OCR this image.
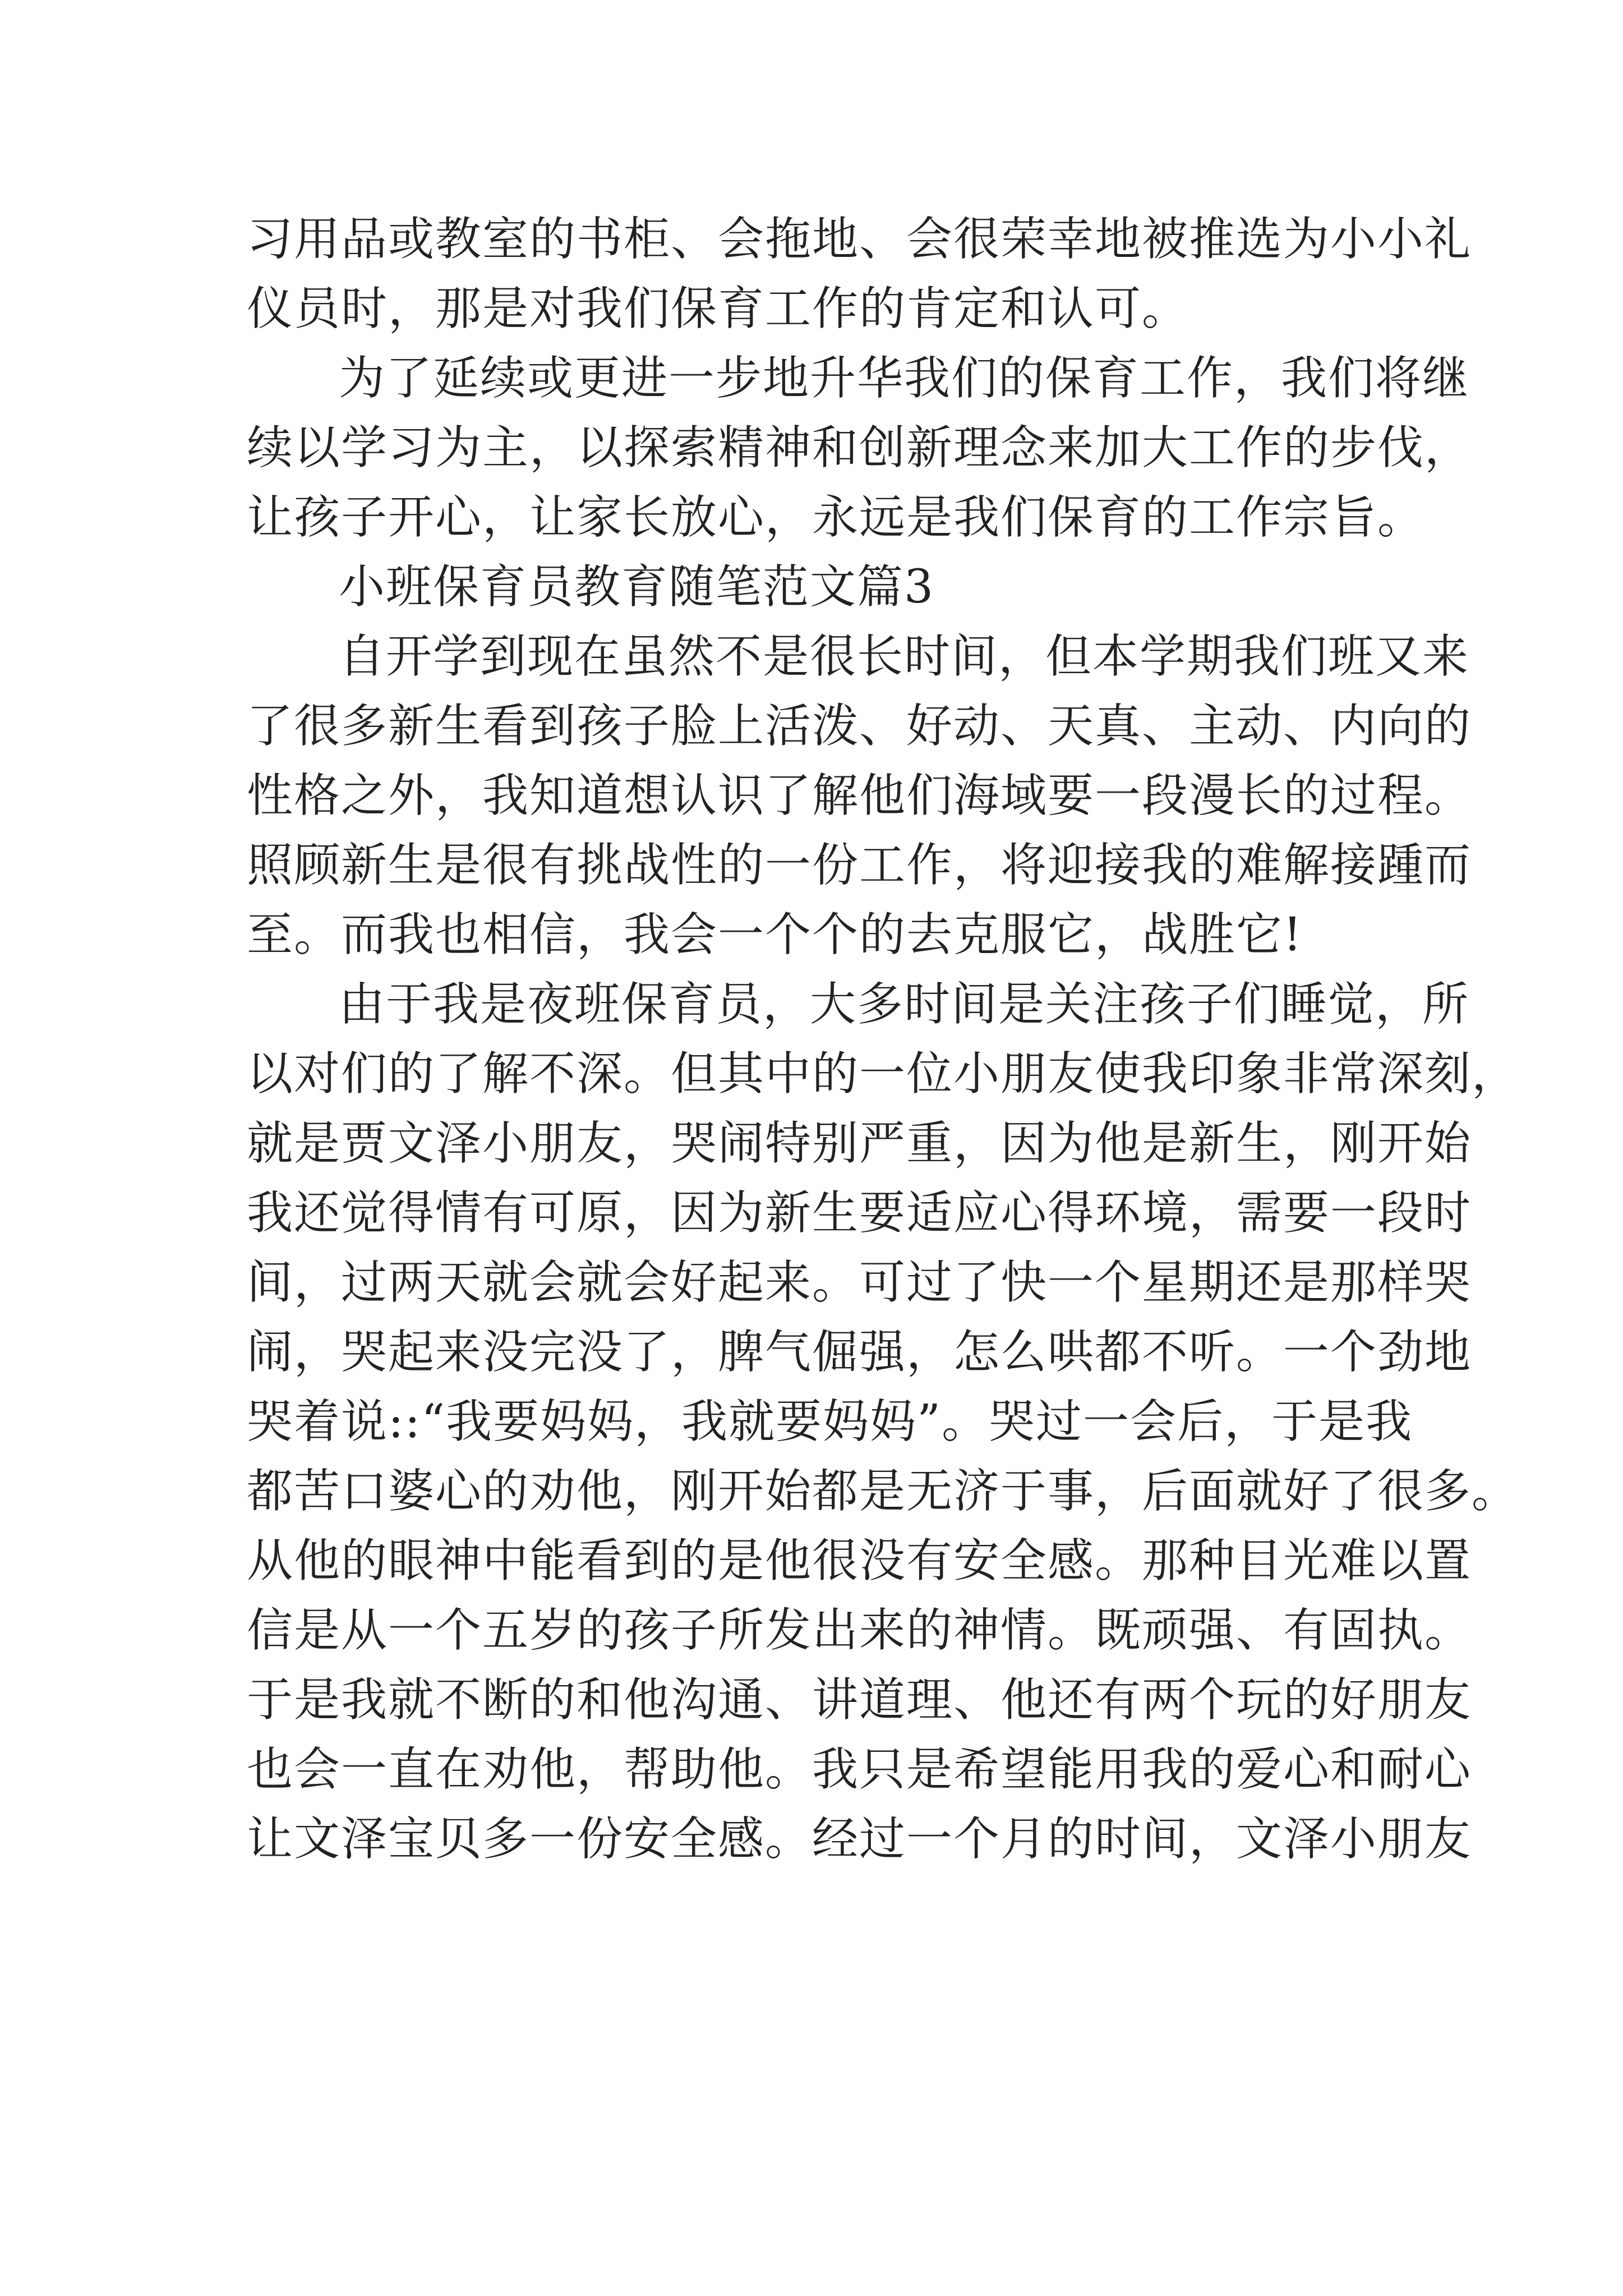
习用品或教室的书柜、会拖地、会很荣幸地被推选为小小礼
仪员时，那是对我们保育工作的肯定和认可。
为了延续或更进一步地升华我们的保育工作，我们将继
续以学习为主，以探索精神和创新理念来加大工作的步伐，
让孩子开心，让家长放心，永远是我们保育的工作宗旨。
小班保育员教育随笔范文篇3
自开学到现在虽然不是很长时间，但本学期我们班又来
了很多新生看到孩子脸上活泼、好动、天真、主动、内向的
性格之外，我知道想认识了解他们海域要一段漫长的过程。
照顾新生是很有挑战性的一份工作，将迎接我的难解接踵而
至。而我也相信，我会一个个的去克服它，战胜它!
由于我是夜班保育员，大多时间是关注孩子们睡觉，所
以对们的了解不深。但其中的一位小朋友使我印象非常深刻，
就是贾文泽小朋友，哭闹特别严重，因为他是新生，刚开始
我还觉得情有可原，因为新生要适应心得环境，需要一段时
间，过两天就会就会好起来。可过了快一个星期还是那样哭
闹，哭起来没完没了，脾气倔强，怎么哄都不听。一个劲地
哭着说::“我要妈妈，我就要妈妈”。哭过一会后，于是我
都苦口婆心的劝他，刚开始都是无济于事，后面就好了很多。
从他的眼神中能看到的是他很没有安全感。那种目光难以置
信是从一个五岁的孩子所发出来的神情。既顽强、有固执。
于是我就不断的和他沟通、讲道理、他还有两个玩的好朋友
也会一直在劝他，帮助他。我只是希望能用我的爱心和耐心
让文泽宝贝多一份安全感。经过一个月的时间，文泽小朋友
